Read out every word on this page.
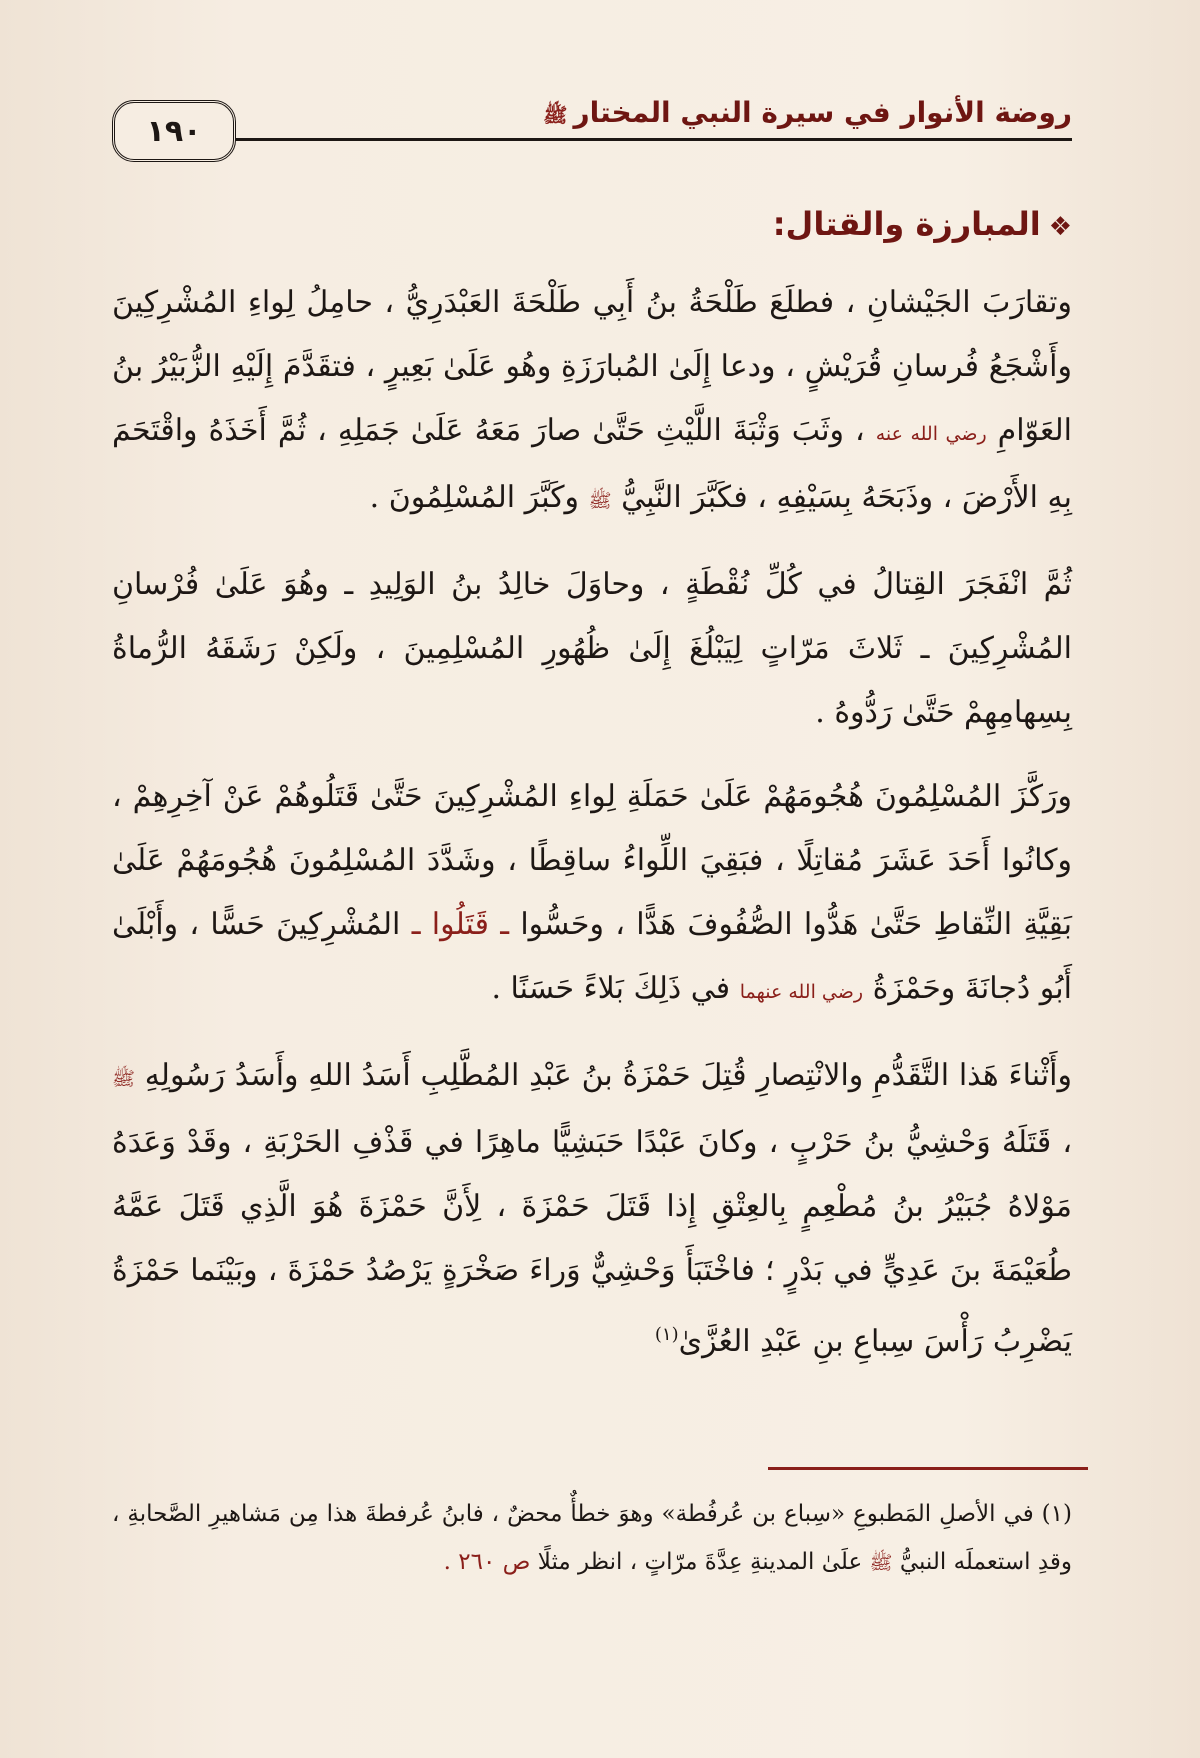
روضة الأنوار في سيرة النبي المختارﷺ
١٩٠
❖المبارزة والقتال:

وتقارَبَ الجَيْشانِ ، فطلَعَ طَلْحَةُ بنُ أَبِي طَلْحَةَ العَبْدَرِيُّ ، حامِلُ لِواءِ المُشْرِكِينَ وأَشْجَعُ فُرسانِ قُرَيْشٍ ، ودعا إِلَىٰ المُبارَزَةِ وهُو عَلَىٰ بَعِيرٍ ، فتقَدَّمَ إِلَيْهِ الزُّبَيْرُ بنُ العَوّامِ رضي الله عنه ، وثَبَ وَثْبَةَ اللَّيْثِ حَتَّىٰ صارَ مَعَهُ عَلَىٰ جَمَلِهِ ، ثُمَّ أَخَذَهُ واقْتَحَمَ بِهِ الأَرْضَ ، وذَبَحَهُ بِسَيْفِهِ ، فكَبَّرَ النَّبِيُّ ﷺ وكَبَّرَ المُسْلِمُونَ .

ثُمَّ انْفَجَرَ القِتالُ في كُلِّ نُقْطَةٍ ، وحاوَلَ خالِدُ بنُ الوَلِيدِ ـ وهُوَ عَلَىٰ فُرْسانِ المُشْرِكِينَ ـ ثَلاثَ مَرّاتٍ لِيَبْلُغَ إِلَىٰ ظُهُورِ المُسْلِمِينَ ، ولَكِنْ رَشَقَهُ الرُّماةُ بِسِهامِهِمْ حَتَّىٰ رَدُّوهُ .

ورَكَّزَ المُسْلِمُونَ هُجُومَهُمْ عَلَىٰ حَمَلَةِ لِواءِ المُشْرِكِينَ حَتَّىٰ قَتَلُوهُمْ عَنْ آخِرِهِمْ ، وكانُوا أَحَدَ عَشَرَ مُقاتِلًا ، فبَقِيَ اللِّواءُ ساقِطًا ، وشَدَّدَ المُسْلِمُونَ هُجُومَهُمْ عَلَىٰ بَقِيَّةِ النِّقاطِ حَتَّىٰ هَدُّوا الصُّفُوفَ هَدًّا ، وحَسُّوا ـ قَتَلُوا ـ المُشْرِكِينَ حَسًّا ، وأَبْلَىٰ أَبُو دُجانَةَ وحَمْزَةُ رضي الله عنهما في ذَلِكَ بَلاءً حَسَنًا .

وأَثْناءَ هَذا التَّقَدُّمِ والانْتِصارِ قُتِلَ حَمْزَةُ بنُ عَبْدِ المُطَّلِبِ أَسَدُ اللهِ وأَسَدُ رَسُولِهِ ﷺ ، قَتَلَهُ وَحْشِيُّ بنُ حَرْبٍ ، وكانَ عَبْدًا حَبَشِيًّا ماهِرًا في قَذْفِ الحَرْبَةِ ، وقَدْ وَعَدَهُ مَوْلاهُ جُبَيْرُ بنُ مُطْعِمٍ بِالعِتْقِ إِذا قَتَلَ حَمْزَةَ ، لِأَنَّ حَمْزَةَ هُوَ الَّذِي قَتَلَ عَمَّهُ طُعَيْمَةَ بنَ عَدِيٍّ في بَدْرٍ ؛ فاخْتَبَأَ وَحْشِيٌّ وَراءَ صَخْرَةٍ يَرْصُدُ حَمْزَةَ ، وبَيْنَما حَمْزَةُ يَضْرِبُ رَأْسَ سِباعِ بنِ عَبْدِ العُزَّىٰ$^{(١)}$

(١) في الأصلِ المَطبوعِ «سِباع بن عُرفُطة» وهوَ خطأٌ محضٌ ، فابنُ عُرفطةَ هذا مِن مَشاهيرِ الصَّحابةِ ، وقدِ استعملَه النبيُّ ﷺ علَىٰ المدينةِ عِدَّةَ مرّاتٍ ، انظر مثلًا ص ٢٦٠ .
